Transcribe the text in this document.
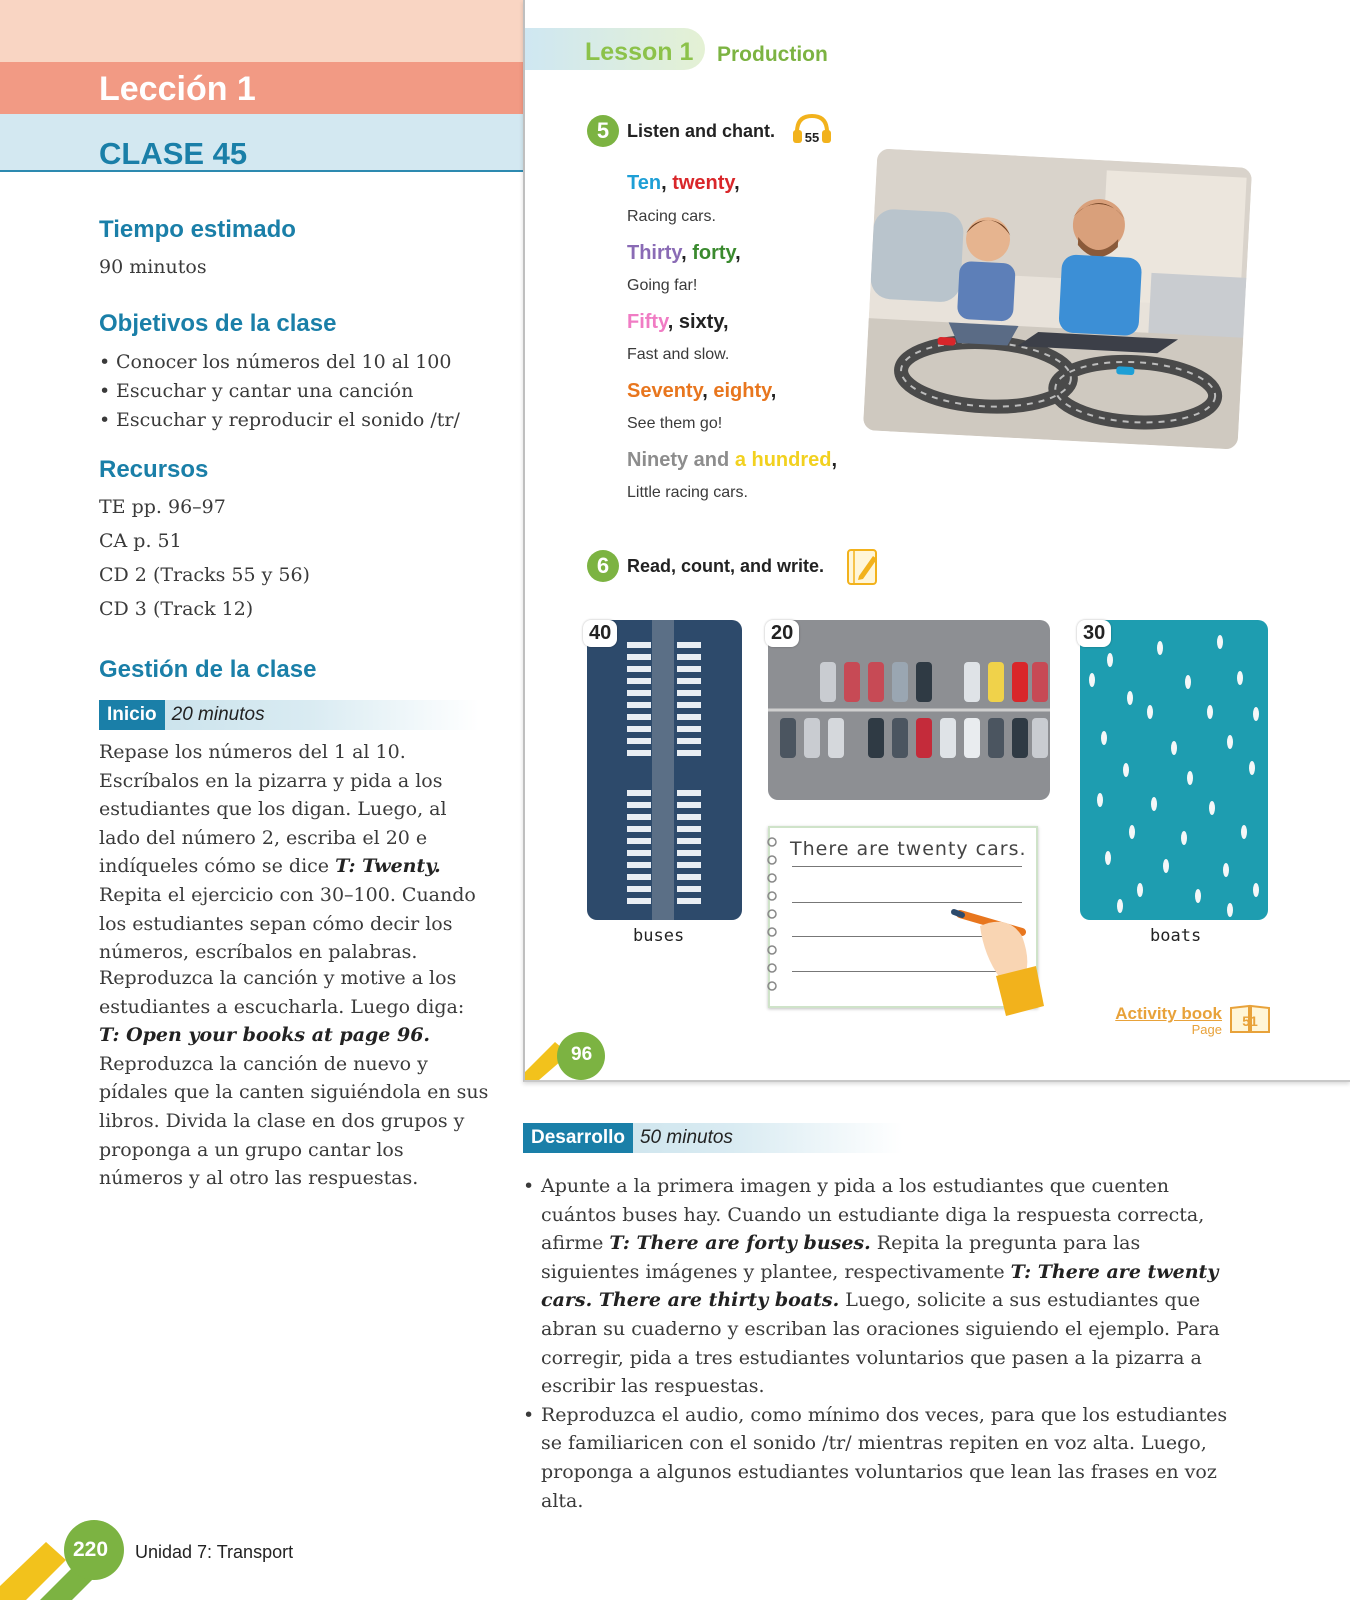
Lección 1
CLASE 45
Tiempo estimado
90 minutos
Objetivos de la clase
• Conocer los números del 10 al 100
• Escuchar y cantar una canción
• Escuchar y reproducir el sonido /tr/
Recursos
TE pp. 96–97
CA p. 51
CD 2 (Tracks 55 y 56)
CD 3 (Track 12)
Gestión de la clase
Inicio 20 minutos

Repase los números del 1 al 10. Escríbalos en la pizarra y pida a los estudiantes que los digan. Luego, al lado del número 2, escriba el 20 e indíqueles cómo se dice T: Twenty. Repita el ejercicio con 30–100. Cuando los estudiantes sepan cómo decir los números, escríbalos en palabras.

Reproduzca la canción y motive a los estudiantes a escucharla. Luego diga: T: Open your books at page 96. Reproduzca la canción de nuevo y pídales que la canten siguiéndola en sus libros. Divida la clase en dos grupos y proponga a un grupo cantar los números y al otro las respuestas.

Lesson 1 Production
5 Listen and chant. 55
Ten, twenty,
Racing cars.
Thirty, forty,
Going far!
Fifty, sixty,
Fast and slow.
Seventy, eighty,
See them go!
Ninety and a hundred,
Little racing cars.
6 Read, count, and write.
40
buses
20	30
boats
There are twenty cars.
Activity book
Page
51
96
Desarrollo 50 minutos
• Apunte a la primera imagen y pida a los estudiantes que cuenten cuántos buses hay. Cuando un estudiante diga la respuesta correcta, afirme T: There are forty buses. Repita la pregunta para las siguientes imágenes y plantee, respectivamente T: There are twenty cars. There are thirty boats. Luego, solicite a sus estudiantes que abran su cuaderno y escriban las oraciones siguiendo el ejemplo. Para corregir, pida a tres estudiantes voluntarios que pasen a la pizarra a escribir las respuestas.
• Reproduzca el audio, como mínimo dos veces, para que los estudiantes se familiaricen con el sonido /tr/ mientras repiten en voz alta. Luego, proponga a algunos estudiantes voluntarios que lean las frases en voz alta.
220 Unidad 7: Transport
